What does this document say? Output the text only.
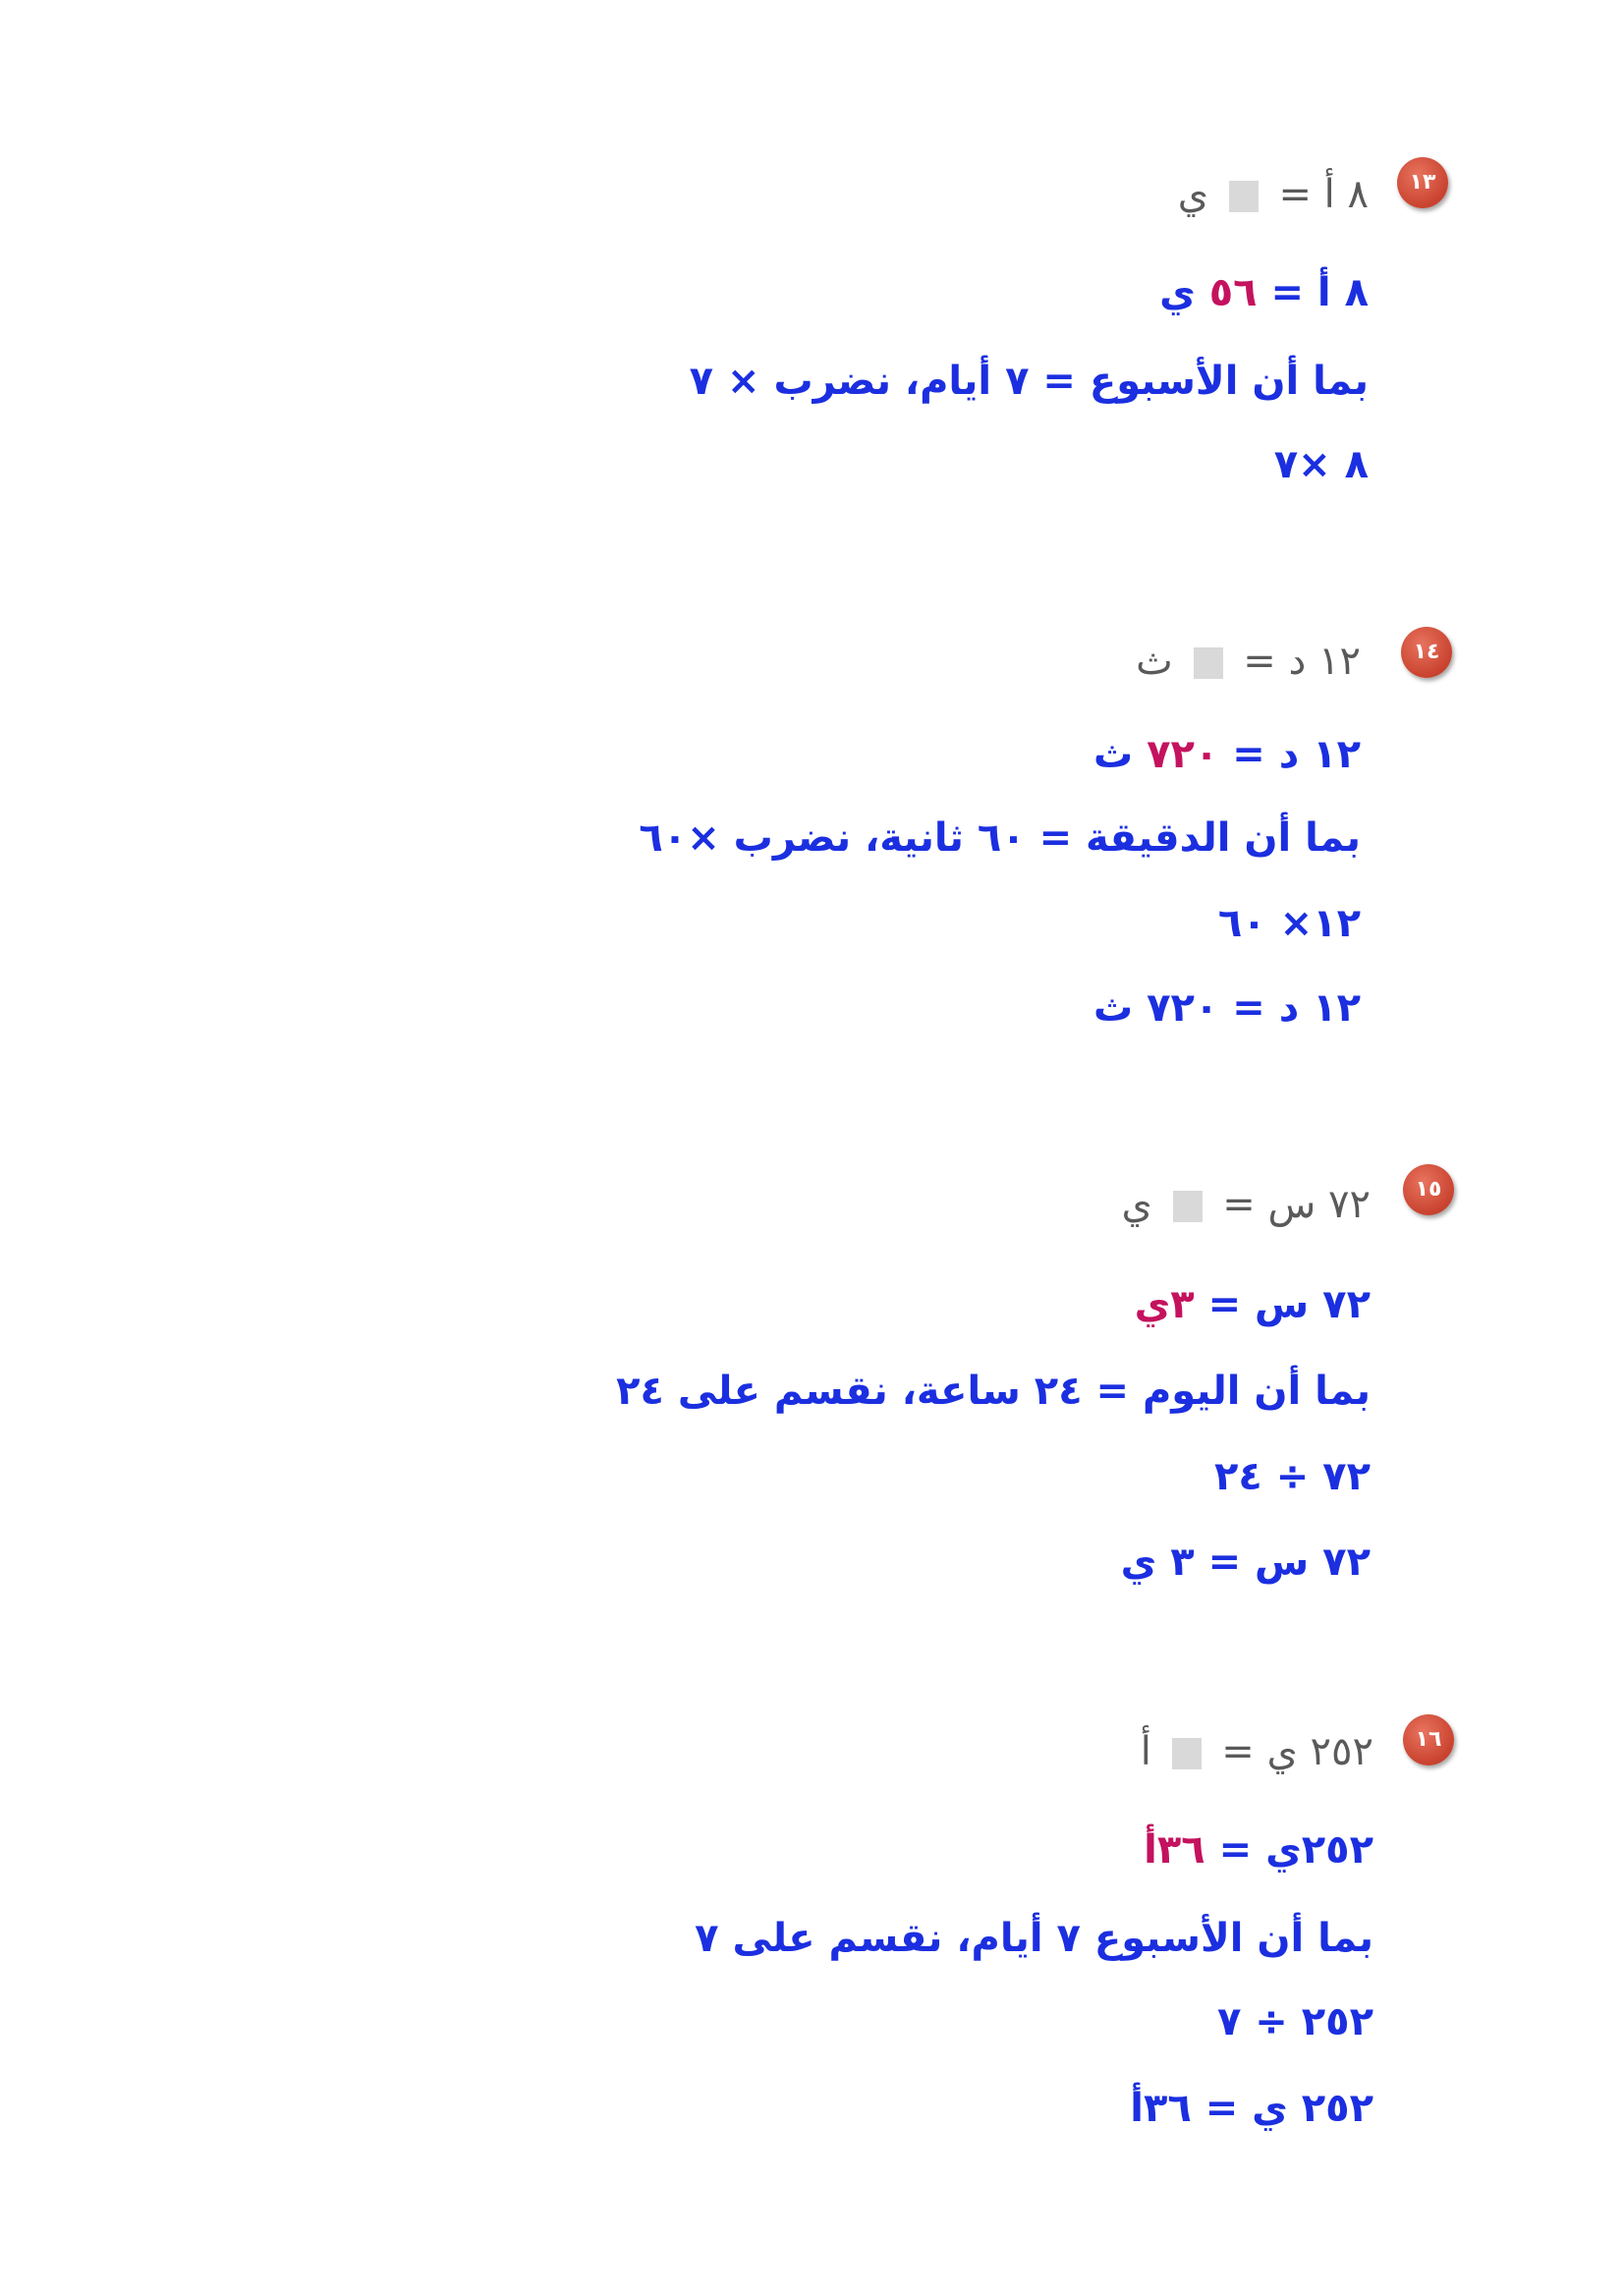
١٣
٨ أ =  ي
٨ أ = ٥٦ ي
بما أن الأسبوع = ٧ أيام، نضرب × ٧
٨ ×٧
١٤
١٢ د =  ث
١٢ د = ٧٢٠ ث
بما أن الدقيقة = ٦٠ ثانية، نضرب ×٦٠
١٢× ٦٠
١٢ د = ٧٢٠ ث
١٥
٧٢ س =  ي
٧٢ س = ٣ي
بما أن اليوم = ٢٤ ساعة، نقسم على ٢٤
٧٢ ÷ ٢٤
٧٢ س = ٣ ي
١٦
٢٥٢ ي =  أ
٢٥٢ي = ٣٦أ
بما أن الأسبوع ٧ أيام، نقسم على ٧
٢٥٢ ÷ ٧
٢٥٢ ي = ٣٦أ
